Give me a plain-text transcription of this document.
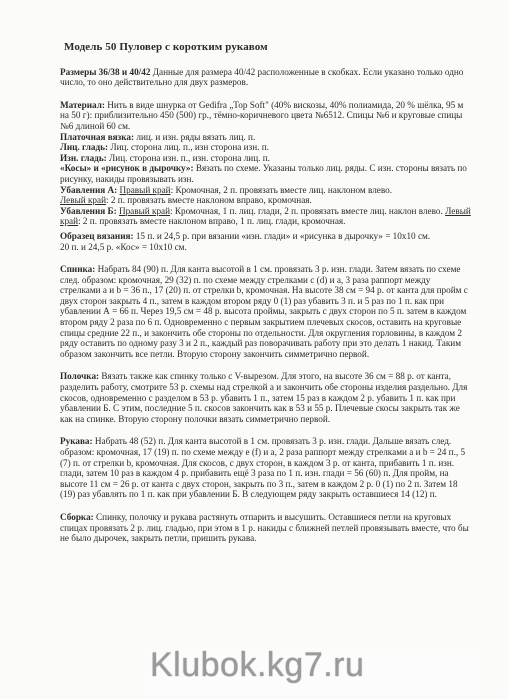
Модель 50 Пуловер с коротким рукавом

Размеры 36/38 и 40/42 Данные для размера 40/42 расположенные в скобках. Если указано только одно число, то оно действительно для двух размеров.

Материал: Нить в виде шнурка от Gedifra „Top Soft" (40% вискозы, 40% полиамида, 20 % шёлка, 95 м на 50 г): приблизительно 450 (500) гр., тёмно-коричневого цвета №6512. Спицы №6 и круговые спицы №6 длиной 60 см.

Платочная вязка: лиц. и изн. ряды вязать лиц. п.

Лиц. гладь: Лиц. сторона лиц. п., изн сторона изн. п.

Изн. гладь: Лиц. сторона изн. п., изн. сторона лиц. п.

«Косы» и «рисунок в дырочку»: Вязать по схеме. Указаны только лиц. ряды. С изн. стороны вязать по рисунку, накиды провязывать изн.

Убавления А: Правый край: Кромочная, 2 п. провязать вместе лиц. наклоном влево.
Левый край: 2 п. провязать вместе наклоном вправо, кромочная.

Убавления Б: Правый край: Кромочная, 1 п. лиц. глади, 2 п. провязать вместе лиц. наклон влево. Левый край: 2 п. провязать вместе наклоном вправо, 1 п. лиц. глади, кромочная.

Образец вязания: 15 п. и 24,5 р. при вязании «изн. глади» и «рисунка в дырочку» = 10x10 см.
20 п. и 24,5 р. «Кос» = 10x10 см.

Спинка: Набрать 84 (90) п. Для канта высотой в 1 см. провязать 3 р. изн. глади. Затем вязать по схеме след. образом: кромочная, 29 (32) п. по схеме между стрелками с (d) и а, 3 раза раппорт между стрелками а и b = 36 п., 17 (20) п. от стрелки b, кромочная. На высоте 38 см = 94 р. от канта для пройм с двух сторон закрыть 4 п., затем в каждом втором ряду 0 (1) раз убавить 3 п. и 5 раз по 1 п. как при убавлении А = 66 п. Через 19,5 см = 48 р. высота проймы, закрыть с двух сторон по 5 п. затем в каждом втором ряду 2 раза по 6 п. Одновременно с первым закрытием плечевых скосов, оставить на круговые спицы средние 22 п., и закончить обе стороны по отдельности. Для округления горловины, в каждом 2 ряду оставить по одному разу 3 и 2 п., каждый раз поворачивать работу при это делать 1 накид. Таким образом закончить все петли. Вторую сторону закончить симметрично первой.

Полочка: Вязать также как спинку только с V-вырезом. Для этого, на высоте 36 см = 88 р. от канта, разделить работу, смотрите 53 р. схемы над стрелкой а и закончить обе стороны изделия раздельно. Для скосов, одновременно с разделом в 53 р. убавить 1 п., затем 15 раз в каждом 2 р. убавить 1 п. как при убавлении Б. С этим, последние 5 п. скосов закончить как в 53 и 55 р. Плечевые скосы закрыть так же как на спинке. Вторую сторону полочки вязать симметрично первой.

Рукава: Набрать 48 (52) п. Для канта высотой в 1 см. провязать 3 р. изн. глади. Дальше вязать след. образом: кромочная, 17 (19) п. по схеме между е (f) и а, 2 раза раппорт между стрелками а и b = 24 п., 5 (7) п. от стрелки b, кромочная. Для скосов, с двух сторон, в каждом 3 р. от канта, прибавить 1 п. изн. глади, затем 10 раз в каждом 4 р. прибавить ещё 3 раза по 1 п. изн. глади = 56 (60) п. Для пройм, на высоте 11 см = 26 р. от канта с двух сторон, закрыть по 3 п., затем в каждом 2 р. 0 (1) по 2 п. Затем 18 (19) раз убавлять по 1 п. как при убавлении Б. В следующем ряду закрыть оставшиеся 14 (12) п.

Сборка: Спинку, полочку и рукава растянуть отпарить и высушить. Оставшиеся петли на круговых спицах провязать 2 р. лиц. гладью, при этом в 1 р. накиды с ближней петлей провязывать вместе, что бы не было дырочек, закрыть петли, пришить рукава.

Klubok.kg7.ru
